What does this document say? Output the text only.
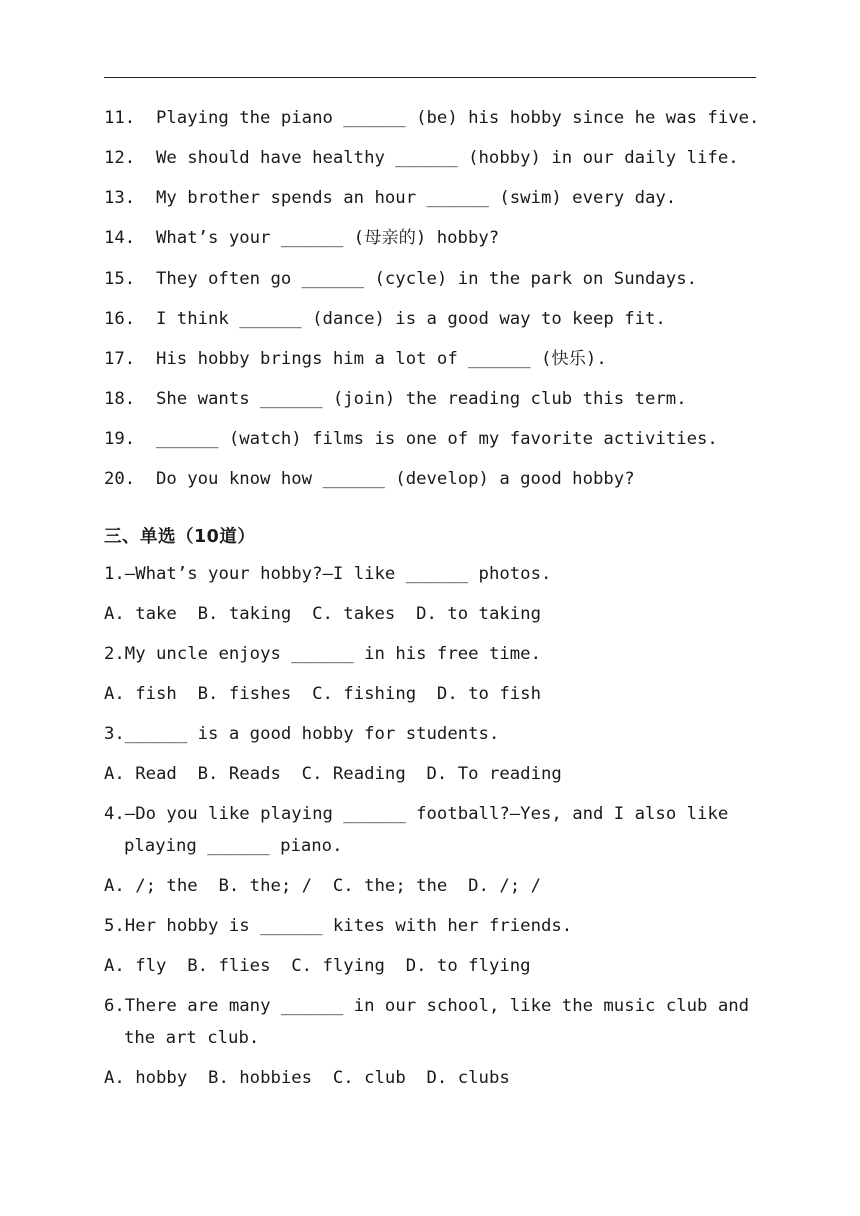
11. Playing the piano ______ (be) his hobby since he was five.
12. We should have healthy ______ (hobby) in our daily life.
13. My brother spends an hour ______ (swim) every day.
14. What’s your ______ (母亲的) hobby?
15. They often go ______ (cycle) in the park on Sundays.
16. I think ______ (dance) is a good way to keep fit.
17. His hobby brings him a lot of ______ (快乐).
18. She wants ______ (join) the reading club this term.
19. ______ (watch) films is one of my favorite activities.
20. Do you know how ______ (develop) a good hobby?
三、单选（10道）
1.—What’s your hobby?—I like ______ photos.
A. take  B. taking  C. takes  D. to taking
2.My uncle enjoys ______ in his free time.
A. fish  B. fishes  C. fishing  D. to fish
3.______ is a good hobby for students.
A. Read  B. Reads  C. Reading  D. To reading
4.—Do you like playing ______ football?—Yes, and I also like
playing ______ piano.
A. /; the  B. the; /  C. the; the  D. /; /
5.Her hobby is ______ kites with her friends.
A. fly  B. flies  C. flying  D. to flying
6.There are many ______ in our school, like the music club and
the art club.
A. hobby  B. hobbies  C. club  D. clubs
